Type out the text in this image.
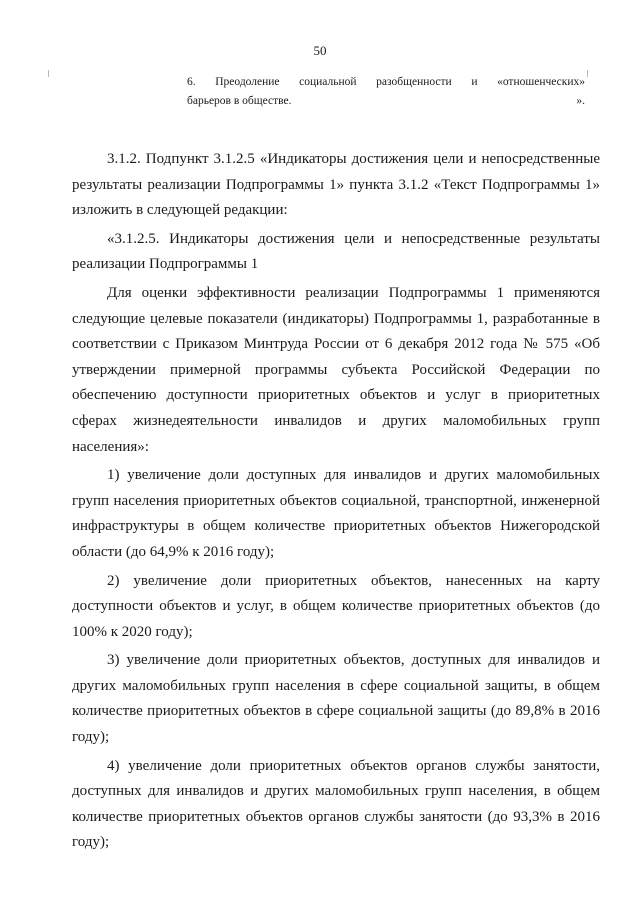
50
6. Преодоление социальной разобщенности и «отношенческих»
барьеров в обществе.	».

3.1.2. Подпункт 3.1.2.5 «Индикаторы достижения цели и непосредственные результаты реализации Подпрограммы 1» пункта 3.1.2 «Текст Подпрограммы 1» изложить в следующей редакции:

«3.1.2.5. Индикаторы достижения цели и непосредственные результаты реализации Подпрограммы 1

Для оценки эффективности реализации Подпрограммы 1 применяются следующие целевые показатели (индикаторы) Подпрограммы 1, разработанные в соответствии с Приказом Минтруда России от 6 декабря 2012 года № 575 «Об утверждении примерной программы субъекта Российской Федерации по обеспечению доступности приоритетных объектов и услуг в приоритетных сферах жизнедеятельности инвалидов и других маломобильных групп населения»:

1) увеличение доли доступных для инвалидов и других маломобильных групп населения приоритетных объектов социальной, транспортной, инженерной инфраструктуры в общем количестве приоритетных объектов Нижегородской области (до 64,9% к 2016 году);

2) увеличение доли приоритетных объектов, нанесенных на карту доступности объектов и услуг, в общем количестве приоритетных объектов (до 100% к 2020 году);

3) увеличение доли приоритетных объектов, доступных для инвалидов и других маломобильных групп населения в сфере социальной защиты, в общем количестве приоритетных объектов в сфере социальной защиты (до 89,8% в 2016 году);

4) увеличение доли приоритетных объектов органов службы занятости, доступных для инвалидов и других маломобильных групп населения, в общем количестве приоритетных объектов органов службы занятости (до 93,3% в 2016 году);
